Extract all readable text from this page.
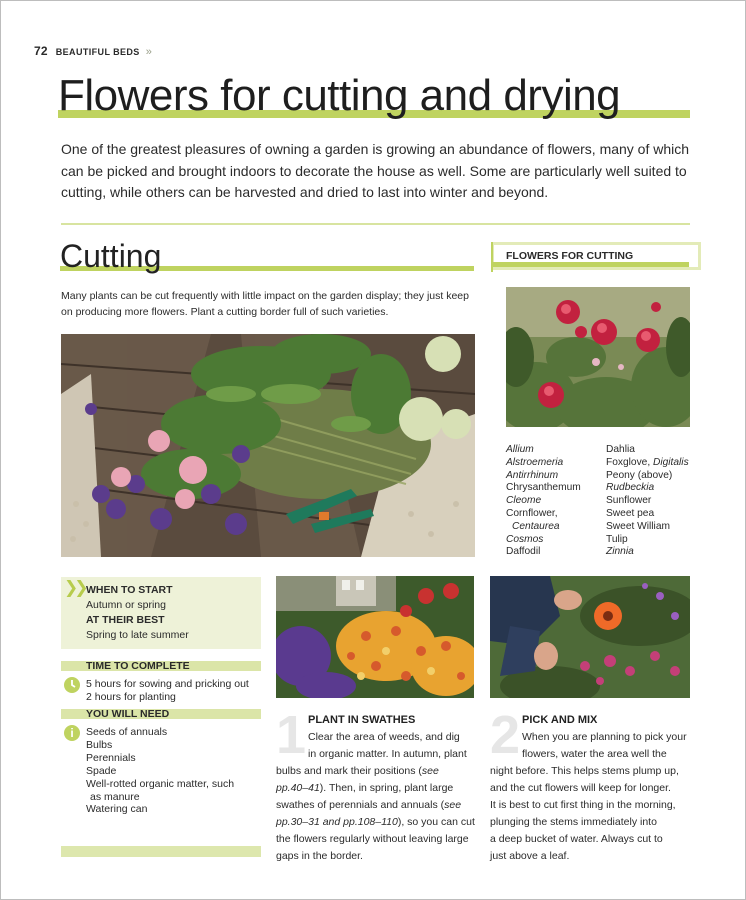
72 BEAUTIFUL BEDS »
Flowers for cutting and drying
One of the greatest pleasures of owning a garden is growing an abundance of flowers, many of which can be picked and brought indoors to decorate the house as well. Some are particularly well suited to cutting, while others can be harvested and dried to last into winter and beyond.
Cutting
Many plants can be cut frequently with little impact on the garden display; they just keep on producing more flowers. Plant a cutting border full of such varieties.
FLOWERS FOR CUTTING
Allium
Alstroemeria
Antirrhinum
Chrysanthemum
Cleome
Cornflower,
Centaurea
Cosmos
Daffodil
Dahlia
Foxglove, Digitalis
Peony (above)
Rudbeckia
Sunflower
Sweet pea
Sweet William
Tulip
Zinnia
❯❯ WHEN TO START
Autumn or spring
AT THEIR BEST
Spring to late summer
TIME TO COMPLETE
5 hours for sowing and pricking out
2 hours for planting
YOU WILL NEED
i	Seeds of annuals
Bulbs
Perennials
Spade
Well-rotted organic matter, such
as manure
Watering can
1 PLANT IN SWATHES
Clear the area of weeds, and dig
in organic matter. In autumn, plant
bulbs and mark their positions (see
pp.40–41). Then, in spring, plant large
swathes of perennials and annuals (see
pp.30–31 and pp.108–110), so you can cut
the flowers regularly without leaving large
gaps in the border.
2 PICK AND MIX
When you are planning to pick your
flowers, water the area well the
night before. This helps stems plump up,
and the cut flowers will keep for longer.
It is best to cut first thing in the morning,
plunging the stems immediately into
a deep bucket of water. Always cut to
just above a leaf.
